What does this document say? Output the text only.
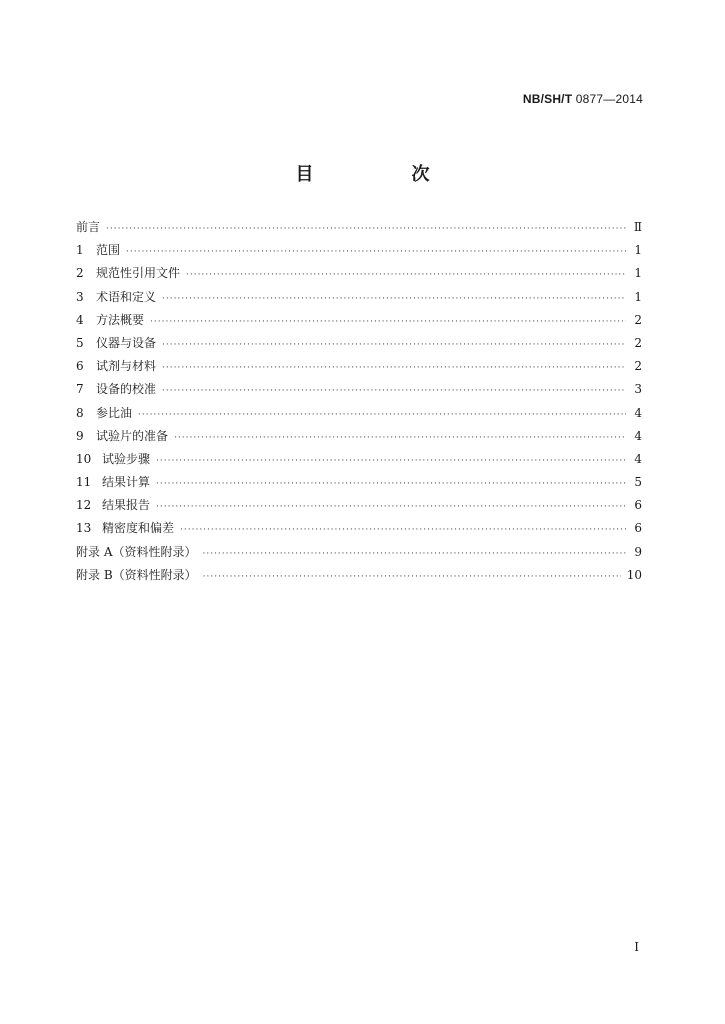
NB/SH/T 0877—2014
目　次
前言 ·····	Ⅱ
1	范围 ·····	1
2	规范性引用文件 ·····	1
3	术语和定义 ·····	1
4	方法概要 ·····	2
5	仪器与设备 ·····	2
6	试剂与材料 ·····	2
7	设备的校准 ·····	3
8	参比油 ·····	4
9	试验片的准备 ·····	4
10 试验步骤 ·····	4
11 结果计算 ·····	5
12 结果报告 ·····	6
13 精密度和偏差 ·····	6
附录 A（资料性附录） ·····	9
附录 B（资料性附录） ·····	10
Ⅰ
